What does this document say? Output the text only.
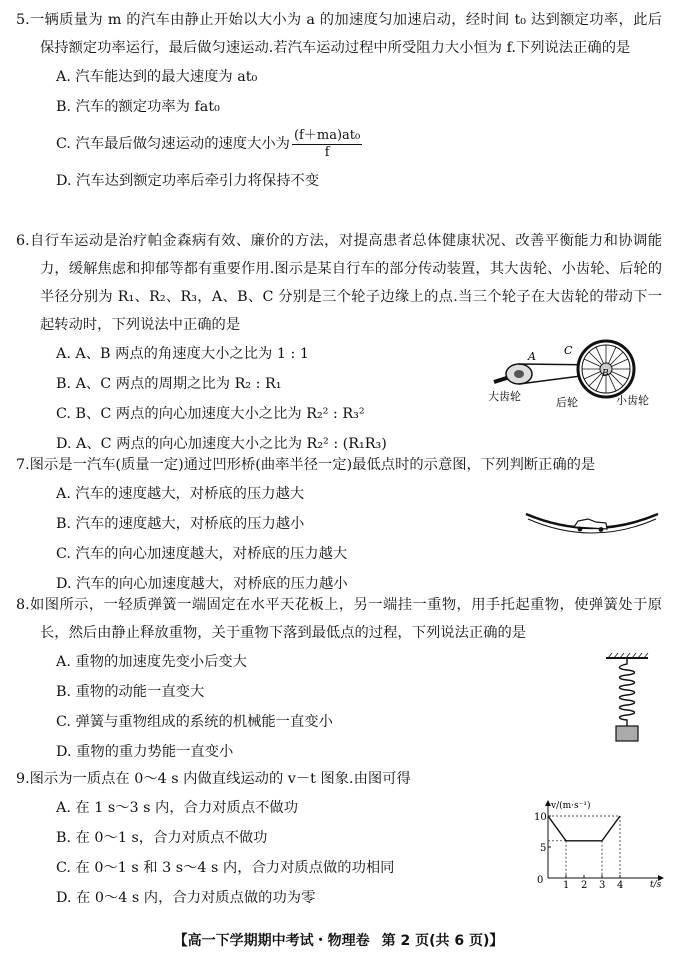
5.一辆质量为 m 的汽车由静止开始以大小为 a 的加速度匀加速启动，经时间 t₀ 达到额定功率，此后保持额定功率运行，最后做匀速运动.若汽车运动过程中所受阻力大小恒为 f.下列说法正确的是

A. 汽车能达到的最大速度为 at₀

B. 汽车的额定功率为 fat₀

C. 汽车最后做匀速运动的速度大小为 $\frac{\text{(f＋ma)at₀}}{f}$

D. 汽车达到额定功率后牵引力将保持不变

6.自行车运动是治疗帕金森病有效、廉价的方法，对提高患者总体健康状况、改善平衡能力和协调能力，缓解焦虑和抑郁等都有重要作用.图示是某自行车的部分传动装置，其大齿轮、小齿轮、后轮的半径分别为 R₁、R₂、R₃，A、B、C 分别是三个轮子边缘上的点.当三个轮子在大齿轮的带动下一起转动时，下列说法中正确的是

A. A、B 两点的角速度大小之比为 1 : 1

B. A、C 两点的周期之比为 R₂ : R₁

C. B、C 两点的向心加速度大小之比为 R₂² : R₃²

D. A、C 两点的向心加速度大小之比为 R₂² : (R₁R₃)

A	C
B
大齿轮	后轮	小齿轮

7.图示是一汽车(质量一定)通过凹形桥(曲率半径一定)最低点时的示意图，下列判断正确的是

A. 汽车的速度越大，对桥底的压力越大

B. 汽车的速度越大，对桥底的压力越小

C. 汽车的向心加速度越大，对桥底的压力越大

D. 汽车的向心加速度越大，对桥底的压力越小

8.如图所示，一轻质弹簧一端固定在水平天花板上，另一端挂一重物，用手托起重物，使弹簧处于原长，然后由静止释放重物，关于重物下落到最低点的过程，下列说法正确的是

A. 重物的加速度先变小后变大

B. 重物的动能一直变大

C. 弹簧与重物组成的系统的机械能一直变小

D. 重物的重力势能一直变小

9.图示为一质点在 0～4 s 内做直线运动的 v－t 图象.由图可得

A. 在 1 s～3 s 内，合力对质点不做功

B. 在 0～1 s，合力对质点不做功

C. 在 0～1 s 和 3 s～4 s 内，合力对质点做的功相同

D. 在 0～4 s 内，合力对质点做的功为零

v/(m·s⁻¹)
t/s
0 1 2 3 4
5
10
【高一下学期期中考试・物理卷 第 2 页(共 6 页)】
